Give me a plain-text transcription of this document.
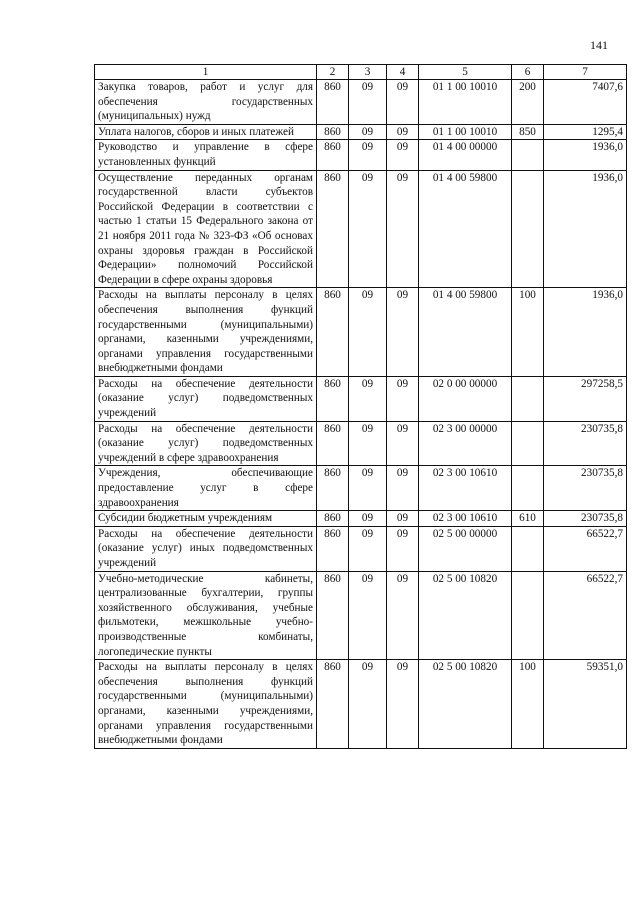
141
1	2	3	4	5	6	7
Закупка товаров, работ и услуг для обеспечения государственных (муниципальных) нужд	860	09	09	01 1 00 10010	200	7407,6
Уплата налогов, сборов и иных платежей	860	09	09	01 1 00 10010	850	1295,4
Руководство и управление в сфере установленных функций	860	09	09	01 4 00 00000		1936,0
Осуществление переданных органам государственной власти субъектов Российской Федерации в соответствии с частью 1 статьи 15 Федерального закона от 21 ноября 2011 года № 323-ФЗ «Об основах охраны здоровья граждан в Российской Федерации» полномочий Российской Федерации в сфере охраны здоровья	860	09	09	01 4 00 59800		1936,0
Расходы на выплаты персоналу в целях обеспечения выполнения функций государственными (муниципальными) органами, казенными учреждениями, органами управления государственными внебюджетными фондами	860	09	09	01 4 00 59800	100	1936,0
Расходы на обеспечение деятельности (оказание услуг) подведомственных учреждений	860	09	09	02 0 00 00000		297258,5
Расходы на обеспечение деятельности (оказание услуг) подведомственных учреждений в сфере здравоохранения	860	09	09	02 3 00 00000		230735,8
Учреждения, обеспечивающие предоставление услуг в сфере здравоохранения	860	09	09	02 3 00 10610		230735,8
Субсидии бюджетным учреждениям	860	09	09	02 3 00 10610	610	230735,8
Расходы на обеспечение деятельности (оказание услуг) иных подведомственных учреждений	860	09	09	02 5 00 00000		66522,7
Учебно-методические кабинеты, централизованные бухгалтерии, группы хозяйственного обслуживания, учебные фильмотеки, межшкольные учебно-производственные комбинаты, логопедические пункты	860	09	09	02 5 00 10820		66522,7
Расходы на выплаты персоналу в целях обеспечения выполнения функций государственными (муниципальными) органами, казенными учреждениями, органами управления государственными внебюджетными фондами	860	09	09	02 5 00 10820	100	59351,0
